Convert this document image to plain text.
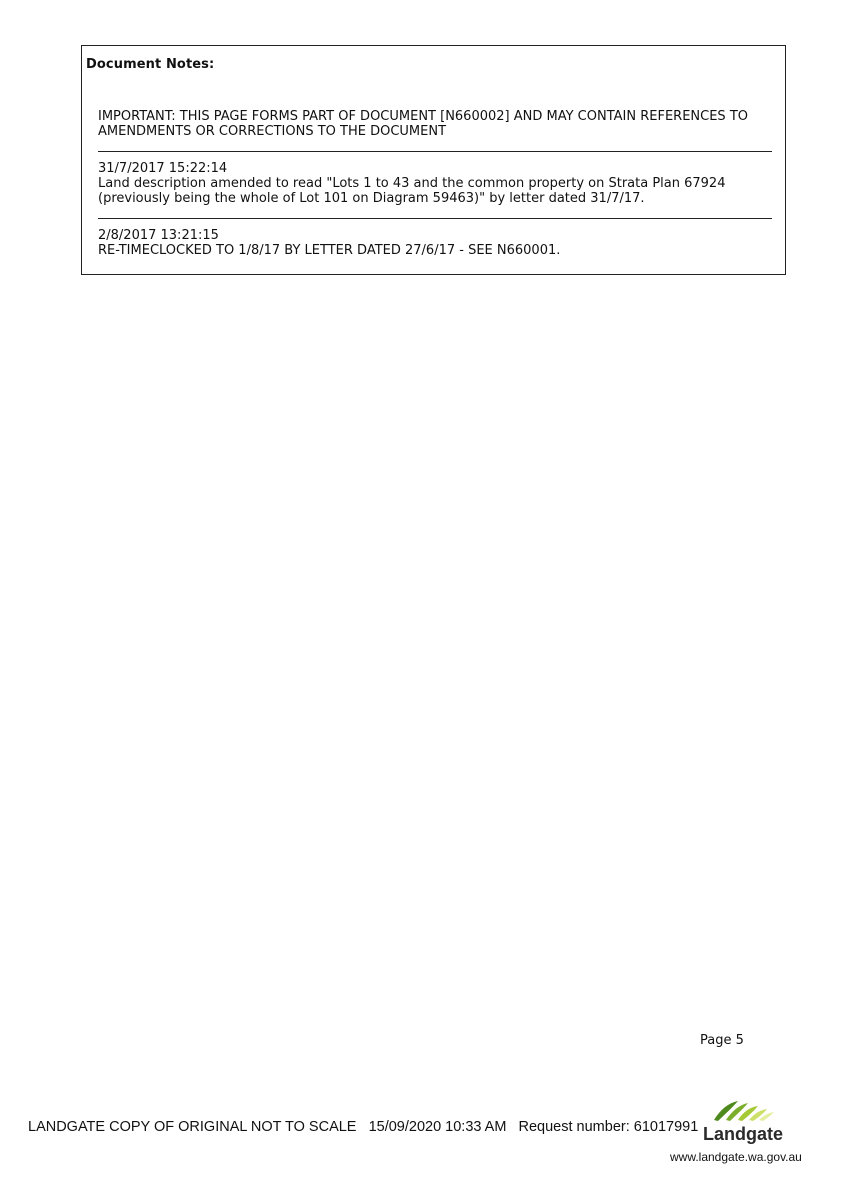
Document Notes:
IMPORTANT: THIS PAGE FORMS PART OF DOCUMENT [N660002] AND MAY CONTAIN REFERENCES TO
AMENDMENTS OR CORRECTIONS TO THE DOCUMENT
31/7/2017 15:22:14
Land description amended to read "Lots 1 to 43 and the common property on Strata Plan 67924
(previously being the whole of Lot 101 on Diagram 59463)" by letter dated 31/7/17.
2/8/2017 13:21:15
RE-TIMECLOCKED TO 1/8/17 BY LETTER DATED 27/6/17 - SEE N660001.
Page 5
LANDGATE COPY OF ORIGINAL NOT TO SCALE   15/09/2020 10:33 AM   Request number: 61017991 Landgate
www.landgate.wa.gov.au
